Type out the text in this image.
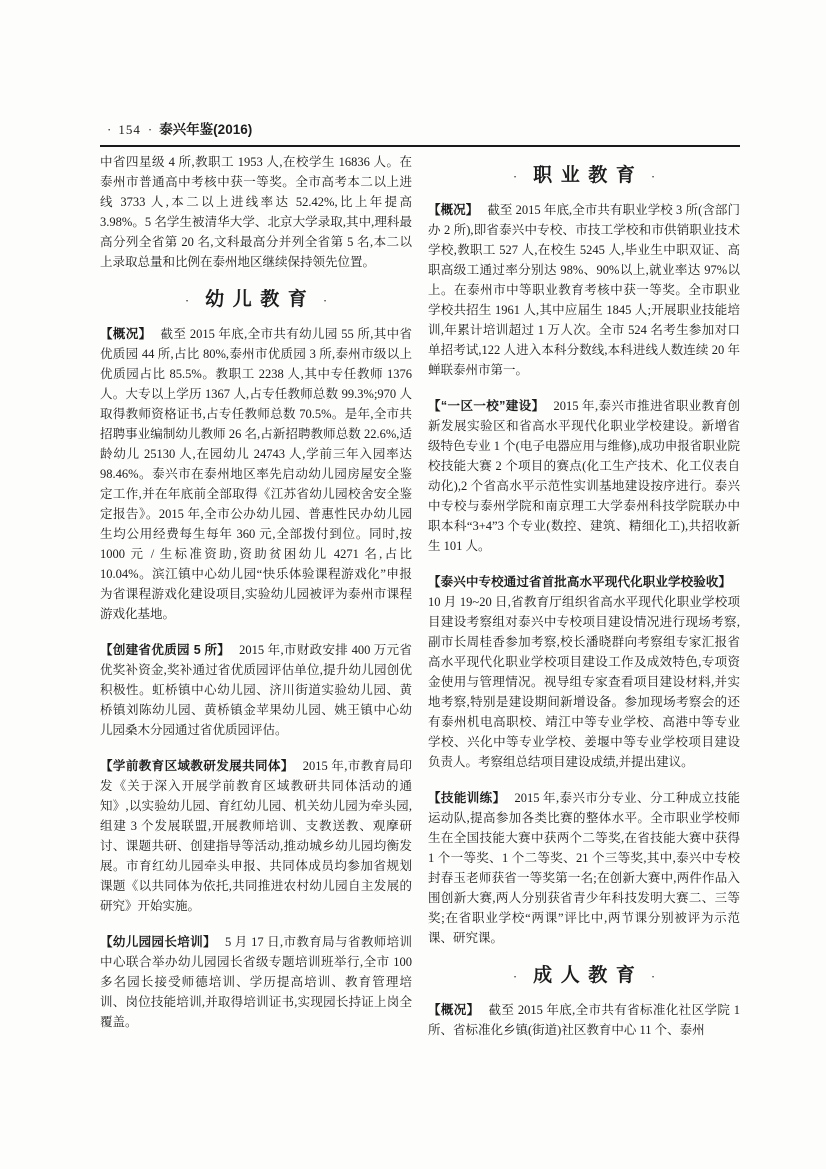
· 154 · 泰兴年鉴(2016)

中省四星级 4 所,教职工 1953 人,在校学生 16836 人。在泰州市普通高中考核中获一等奖。全市高考本二以上进线 3733 人,本二以上进线率达 52.42%,比上年提高 3.98%。5 名学生被清华大学、北京大学录取,其中,理科最高分列全省第 20 名,文科最高分并列全省第 5 名,本二以上录取总量和比例在泰州地区继续保持领先位置。

· 幼儿教育 ·

【概况】 截至 2015 年底,全市共有幼儿园 55 所,其中省优质园 44 所,占比 80%,泰州市优质园 3 所,泰州市级以上优质园占比 85.5%。教职工 2238 人,其中专任教师 1376 人。大专以上学历 1367 人,占专任教师总数 99.3%;970 人取得教师资格证书,占专任教师总数 70.5%。是年,全市共招聘事业编制幼儿教师 26 名,占新招聘教师总数 22.6%,适龄幼儿 25130 人,在园幼儿 24743 人,学前三年入园率达 98.46%。泰兴市在泰州地区率先启动幼儿园房屋安全鉴定工作,并在年底前全部取得《江苏省幼儿园校舍安全鉴定报告》。2015 年,全市公办幼儿园、普惠性民办幼儿园生均公用经费每生每年 360 元,全部拨付到位。同时,按 1000 元 / 生标准资助,资助贫困幼儿 4271 名,占比 10.04%。滨江镇中心幼儿园“快乐体验课程游戏化”申报为省课程游戏化建设项目,实验幼儿园被评为泰州市课程游戏化基地。

【创建省优质园 5 所】 2015 年,市财政安排 400 万元省优奖补资金,奖补通过省优质园评估单位,提升幼儿园创优积极性。虹桥镇中心幼儿园、济川街道实验幼儿园、黄桥镇刘陈幼儿园、黄桥镇金苹果幼儿园、姚王镇中心幼儿园桑木分园通过省优质园评估。

【学前教育区域教研发展共同体】 2015 年,市教育局印发《关于深入开展学前教育区域教研共同体活动的通知》,以实验幼儿园、育红幼儿园、机关幼儿园为牵头园,组建 3 个发展联盟,开展教师培训、支教送教、观摩研讨、课题共研、创建指导等活动,推动城乡幼儿园均衡发展。市育红幼儿园牵头申报、共同体成员均参加省规划课题《以共同体为依托,共同推进农村幼儿园自主发展的研究》开始实施。

【幼儿园园长培训】 5 月 17 日,市教育局与省教师培训中心联合举办幼儿园园长省级专题培训班举行,全市 100 多名园长接受师德培训、学历提高培训、教育管理培训、岗位技能培训,并取得培训证书,实现园长持证上岗全覆盖。

· 职业教育 ·

【概况】 截至 2015 年底,全市共有职业学校 3 所(含部门办 2 所),即省泰兴中专校、市技工学校和市供销职业技术学校,教职工 527 人,在校生 5245 人,毕业生中职双证、高职高级工通过率分别达 98%、90%以上,就业率达 97%以上。在泰州市中等职业教育考核中获一等奖。全市职业学校共招生 1961 人,其中应届生 1845 人;开展职业技能培训,年累计培训超过 1 万人次。全市 524 名考生参加对口单招考试,122 人进入本科分数线,本科进线人数连续 20 年蝉联泰州市第一。

【“一区一校”建设】 2015 年,泰兴市推进省职业教育创新发展实验区和省高水平现代化职业学校建设。新增省级特色专业 1 个(电子电器应用与维修),成功申报省职业院校技能大赛 2 个项目的赛点(化工生产技术、化工仪表自动化),2 个省高水平示范性实训基地建设按序进行。泰兴中专校与泰州学院和南京理工大学泰州科技学院联办中职本科“3+4”3 个专业(数控、建筑、精细化工),共招收新生 101 人。

【泰兴中专校通过省首批高水平现代化职业学校验收】10 月 19~20 日,省教育厅组织省高水平现代化职业学校项目建设考察组对泰兴中专校项目建设情况进行现场考察,副市长周桂香参加考察,校长潘晓群向考察组专家汇报省高水平现代化职业学校项目建设工作及成效特色,专项资金使用与管理情况。视导组专家查看项目建设材料,并实地考察,特别是建设期间新增设备。参加现场考察会的还有泰州机电高职校、靖江中等专业学校、高港中等专业学校、兴化中等专业学校、姜堰中等专业学校项目建设负责人。考察组总结项目建设成绩,并提出建议。

【技能训练】 2015 年,泰兴市分专业、分工种成立技能运动队,提高参加各类比赛的整体水平。全市职业学校师生在全国技能大赛中获两个二等奖,在省技能大赛中获得 1 个一等奖、1 个二等奖、21 个三等奖,其中,泰兴中专校封春玉老师获省一等奖第一名;在创新大赛中,两件作品入围创新大赛,两人分别获省青少年科技发明大赛二、三等奖;在省职业学校“两课”评比中,两节课分别被评为示范课、研究课。

· 成人教育 ·

【概况】 截至 2015 年底,全市共有省标准化社区学院 1 所、省标准化乡镇(街道)社区教育中心 11 个、泰州
